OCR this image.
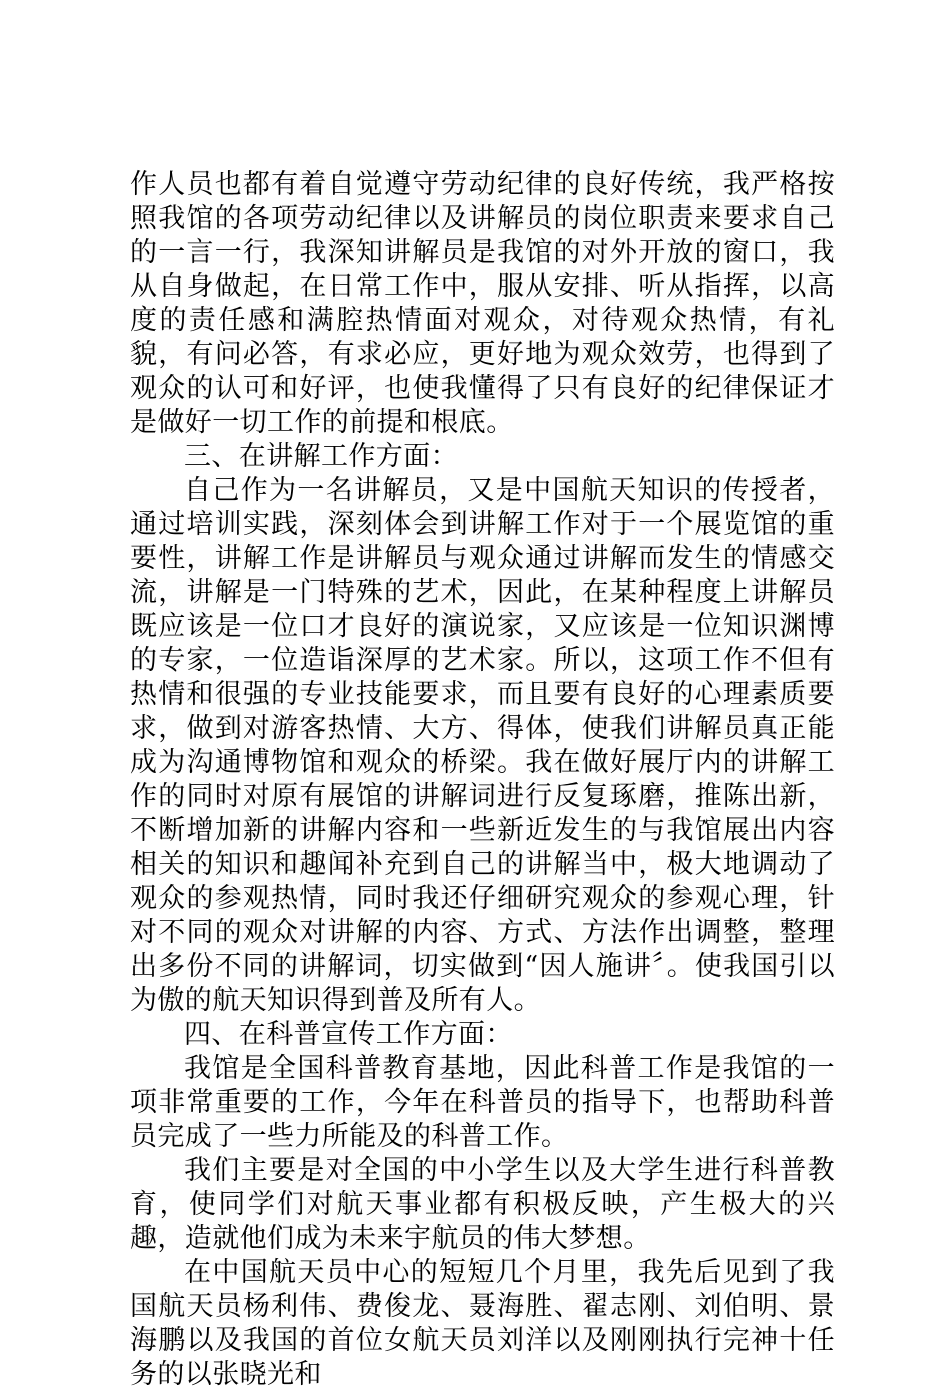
作人员也都有着自觉遵守劳动纪律的良好传统，我严格按照我馆的各项劳动纪律以及讲解员的岗位职责来要求自己的一言一行，我深知讲解员是我馆的对外开放的窗口，我从自身做起，在日常工作中，服从安排、听从指挥，以高度的责任感和满腔热情面对观众，对待观众热情，有礼貌，有问必答，有求必应，更好地为观众效劳，也得到了观众的认可和好评，也使我懂得了只有良好的纪律保证才是做好一切工作的前提和根底。

三、在讲解工作方面：

自己作为一名讲解员，又是中国航天知识的传授者，通过培训实践，深刻体会到讲解工作对于一个展览馆的重要性，讲解工作是讲解员与观众通过讲解而发生的情感交流，讲解是一门特殊的艺术，因此，在某种程度上讲解员既应该是一位口才良好的演说家，又应该是一位知识渊博的专家，一位造诣深厚的艺术家。所以，这项工作不但有热情和很强的专业技能要求，而且要有良好的心理素质要求，做到对游客热情、大方、得体，使我们讲解员真正能成为沟通博物馆和观众的桥梁。我在做好展厅内的讲解工作的同时对原有展馆的讲解词进行反复琢磨，推陈出新，不断增加新的讲解内容和一些新近发生的与我馆展出内容相关的知识和趣闻补充到自己的讲解当中，极大地调动了观众的参观热情，同时我还仔细研究观众的参观心理，针对不同的观众对讲解的内容、方式、方法作出调整，整理出多份不同的讲解词，切实做到“因人施讲〞。使我国引以为傲的航天知识得到普及所有人。

四、在科普宣传工作方面：

我馆是全国科普教育基地，因此科普工作是我馆的一项非常重要的工作，今年在科普员的指导下，也帮助科普员完成了一些力所能及的科普工作。

我们主要是对全国的中小学生以及大学生进行科普教育，使同学们对航天事业都有积极反映，产生极大的兴趣，造就他们成为未来宇航员的伟大梦想。

在中国航天员中心的短短几个月里，我先后见到了我国航天员杨利伟、费俊龙、聂海胜、翟志刚、刘伯明、景海鹏以及我国的首位女航天员刘洋以及刚刚执行完神十任务的以张晓光和
